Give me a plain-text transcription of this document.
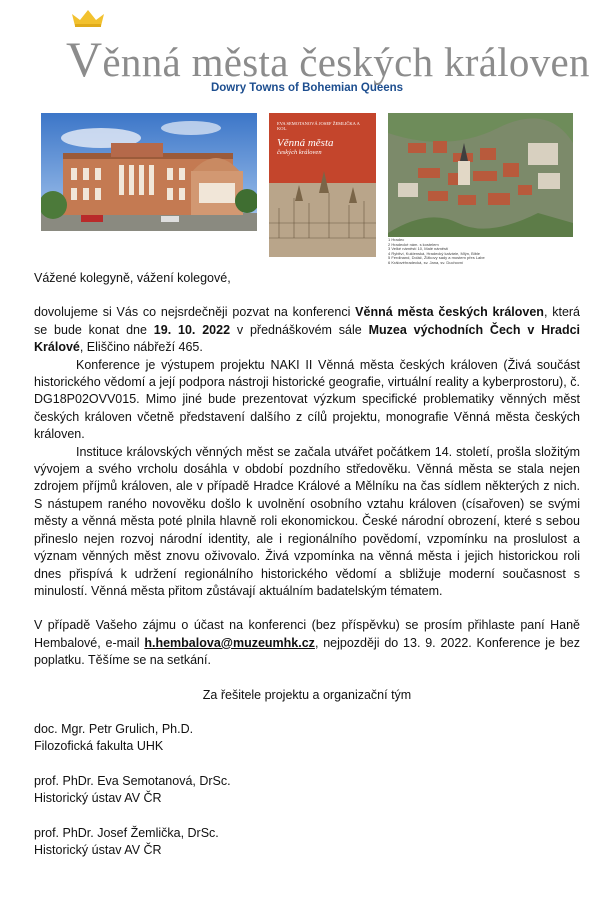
Věnná města českých královen
Dowry Towns of Bohemian Queens
EVA SEMOTANOVÁ JOSEF ŽEMLIČKA A KOL.
Věnná města
českých královen
1 Hradec
2 Hradecké nám. s kostelem
3 Velké náměstí 10, Malé náměstí
4 Rybitví, Kuklenská. Hradecký kalvárie, Mlýn, Bible
5 Ferdinand, Doláč, Žižkovy sady a mostem přes Labe
6 Královéhradecká, sv. Jana, sv. Duchovní

Vážené kolegyně, vážení kolegové,

dovolujeme si Vás co nejsrdečněji pozvat na konferenci Věnná města českých královen, která se bude konat dne 19. 10. 2022 v přednáškovém sále Muzea východních Čech v Hradci Králové, Eliščino nábřeží 465.

Konference je výstupem projektu NAKI II Věnná města českých královen (Živá součást historického vědomí a její podpora nástroji historické geografie, virtuální reality a kyberprostoru), č. DG18P02OVV015. Mimo jiné bude prezentovat výzkum specifické problematiky věnných měst českých královen včetně představení dalšího z cílů projektu, monografie Věnná města českých královen.

Instituce královských věnných měst se začala utvářet počátkem 14. století, prošla složitým vývojem a svého vrcholu dosáhla v období pozdního středověku. Věnná města se stala nejen zdrojem příjmů královen, ale v případě Hradce Králové a Mělníku na čas sídlem některých z nich. S nástupem raného novověku došlo k uvolnění osobního vztahu královen (císařoven) se svými městy a věnná města poté plnila hlavně roli ekonomickou. České národní obrození, které s sebou přineslo nejen rozvoj národní identity, ale i regionálního povědomí, vzpomínku na proslulost a význam věnných měst znovu oživovalo. Živá vzpomínka na věnná města i jejich historickou roli dnes přispívá k udržení regionálního historického vědomí a sbližuje moderní současnost s minulostí. Věnná města přitom zůstávají aktuálním badatelským tématem.

V případě Vašeho zájmu o účast na konferenci (bez příspěvku) se prosím přihlaste paní Haně Hembalové, e-mail h.hembalova@muzeumhk.cz, nejpozději do 13. 9. 2022. Konference je bez poplatku. Těšíme se na setkání.

Za řešitele projektu a organizační tým

doc. Mgr. Petr Grulich, Ph.D.

Filozofická fakulta UHK

prof. PhDr. Eva Semotanová, DrSc.

Historický ústav AV ČR

prof. PhDr. Josef Žemlička, DrSc.

Historický ústav AV ČR
